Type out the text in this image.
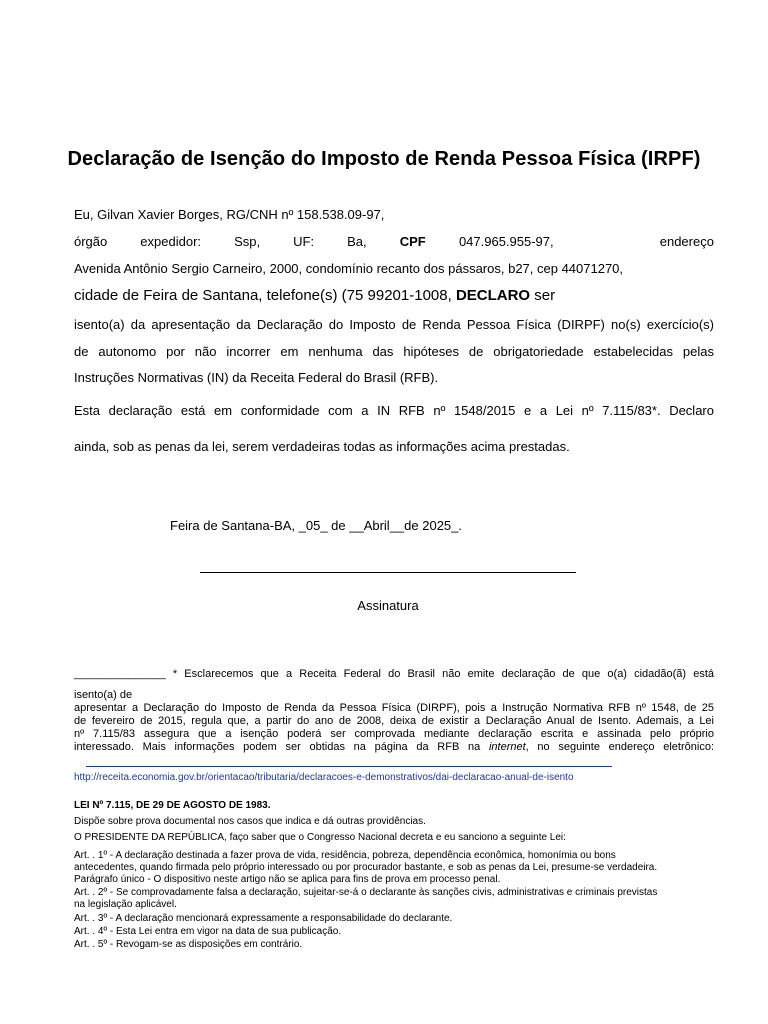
Declaração de Isenção do Imposto de Renda Pessoa Física (IRPF)
Eu, Gilvan Xavier Borges, RG/CNH nº 158.538.09-97,
órgão	expedidor:	Ssp,	UF:	Ba,	CPF	047.965.955-97,	endereço
Avenida Antônio Sergio Carneiro, 2000, condomínio recanto dos pássaros, b27, cep 44071270,
cidade de Feira de Santana, telefone(s) (75 99201-1008, DECLARO ser
isento(a) da apresentação da Declaração do Imposto de Renda Pessoa Física (DIRPF) no(s) exercício(s)
de autonomo por não incorrer em nenhuma das hipóteses de obrigatoriedade estabelecidas pelas
Instruções Normativas (IN) da Receita Federal do Brasil (RFB).
Esta declaração está em conformidade com a IN RFB nº 1548/2015 e a Lei nº 7.115/83*. Declaro
ainda, sob as penas da lei, serem verdadeiras todas as informações acima prestadas.
Feira de Santana-BA, _05_ de __Abril__de 2025_.
Assinatura
_______________ * Esclarecemos que a Receita Federal do Brasil não emite declaração de que o(a) cidadão(ã) está
isento(a) de
apresentar a Declaração do Imposto de Renda da Pessoa Física (DIRPF), pois a Instrução Normativa RFB nº 1548, de 25
de fevereiro de 2015, regula que, a partir do ano de 2008, deixa de existir a Declaração Anual de Isento. Ademais, a Lei
nº 7.115/83 assegura que a isenção poderá ser comprovada mediante declaração escrita e assinada pelo próprio
interessado. Mais informações podem ser obtidas na página da RFB na internet, no seguinte endereço eletrônico:
http://receita.economia.gov.br/orientacao/tributaria/declaracoes-e-demonstrativos/dai-declaracao-anual-de-isento
LEI Nº 7.115, DE 29 DE AGOSTO DE 1983.
Dispõe sobre prova documental nos casos que indica e dá outras providências.
O PRESIDENTE DA REPÚBLICA, faço saber que o Congresso Nacional decreta e eu sanciono a seguinte Lei:
Art. . 1º - A declaração destinada a fazer prova de vida, residência, pobreza, dependência econômica, homonímia ou bons
antecedentes, quando firmada pelo próprio interessado ou por procurador bastante, e sob as penas da Lei, presume-se verdadeira.
Parágrafo único - O dispositivo neste artigo não se aplica para fins de prova em processo penal.
Art. . 2º - Se comprovadamente falsa a declaração, sujeitar-se-á o declarante às sanções civis, administrativas e criminais previstas
na legislação aplicável.
Art. . 3º - A declaração mencionará expressamente a responsabilidade do declarante.
Art. . 4º - Esta Lei entra em vigor na data de sua publicação.
Art. . 5º - Revogam-se as disposições em contrário.
